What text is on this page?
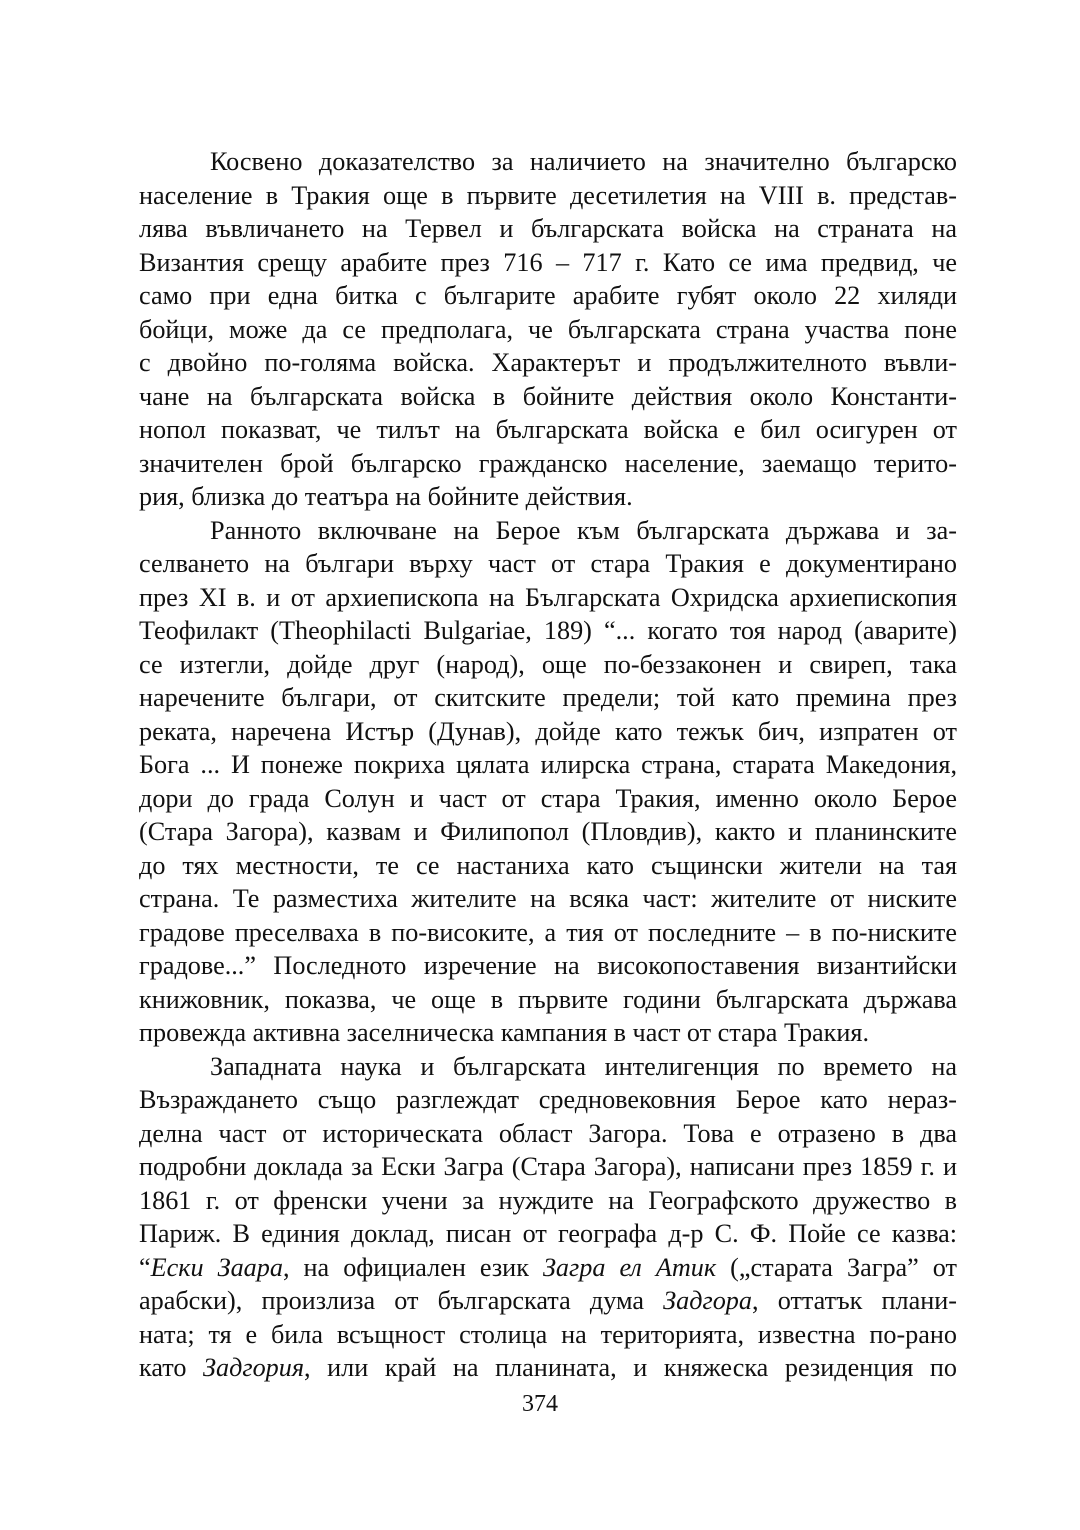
Косвено доказателство за наличието на значително българско
население в Тракия още в първите десетилетия на VIII в. представ-
лява въвличането на Тервел и българската войска на страната на
Византия срещу арабите през 716 – 717 г. Като се има предвид, че
само при една битка с българите арабите губят около 22 хиляди
бойци, може да се предполага, че българската страна участва поне
с двойно по-голяма войска. Характерът и продължителното въвли-
чане на българската войска в бойните действия около Константи-
нопол показват, че тилът на българската войска е бил осигурен от
значителен брой българско гражданско население, заемащо терито-
рия, близка до театъра на бойните действия.
Ранното включване на Берое към българската държава и за-
селването на българи върху част от стара Тракия е документирано
през XI в. и от архиепископа на Българската Охридска архиепископия
Теофилакт (Theophilacti Bulgariae, 189) “... когато тоя народ (аварите)
се изтегли, дойде друг (народ), още по-беззаконен и свиреп, така
наречените българи, от скитските предели; той като премина през
реката, наречена Истър (Дунав), дойде като тежък бич, изпратен от
Бога ... И понеже покриха цялата илирска страна, старата Македония,
дори до града Солун и част от стара Тракия, именно около Берое
(Стара Загора), казвам и Филипопол (Пловдив), както и планинските
до тях местности, те се настаниха като същински жители на тая
страна. Те разместиха жителите на всяка част: жителите от ниските
градове преселваха в по-високите, а тия от последните – в по-ниските
градове...” Последното изречение на високопоставения византийски
книжовник, показва, че още в първите години българската държава
провежда активна заселническа кампания в част от стара Тракия.
Западната наука и българската интелигенция по времето на
Възраждането също разглеждат средновековния Берое като нераз-
делна част от историческата област Загора. Това е отразено в два
подробни доклада за Ески Загра (Стара Загора), написани през 1859 г. и
1861 г. от френски учени за нуждите на Географското дружество в
Париж. В единия доклад, писан от географа д-р С. Ф. Пойе се казва:
“Ески Заара, на официален език Загра ел Атик („старата Загра” от
арабски), произлиза от българската дума Задгора, оттатък плани-
ната; тя е била всъщност столица на територията, известна по-рано
като Задгория, или край на планината, и княжеска резиденция по
374
